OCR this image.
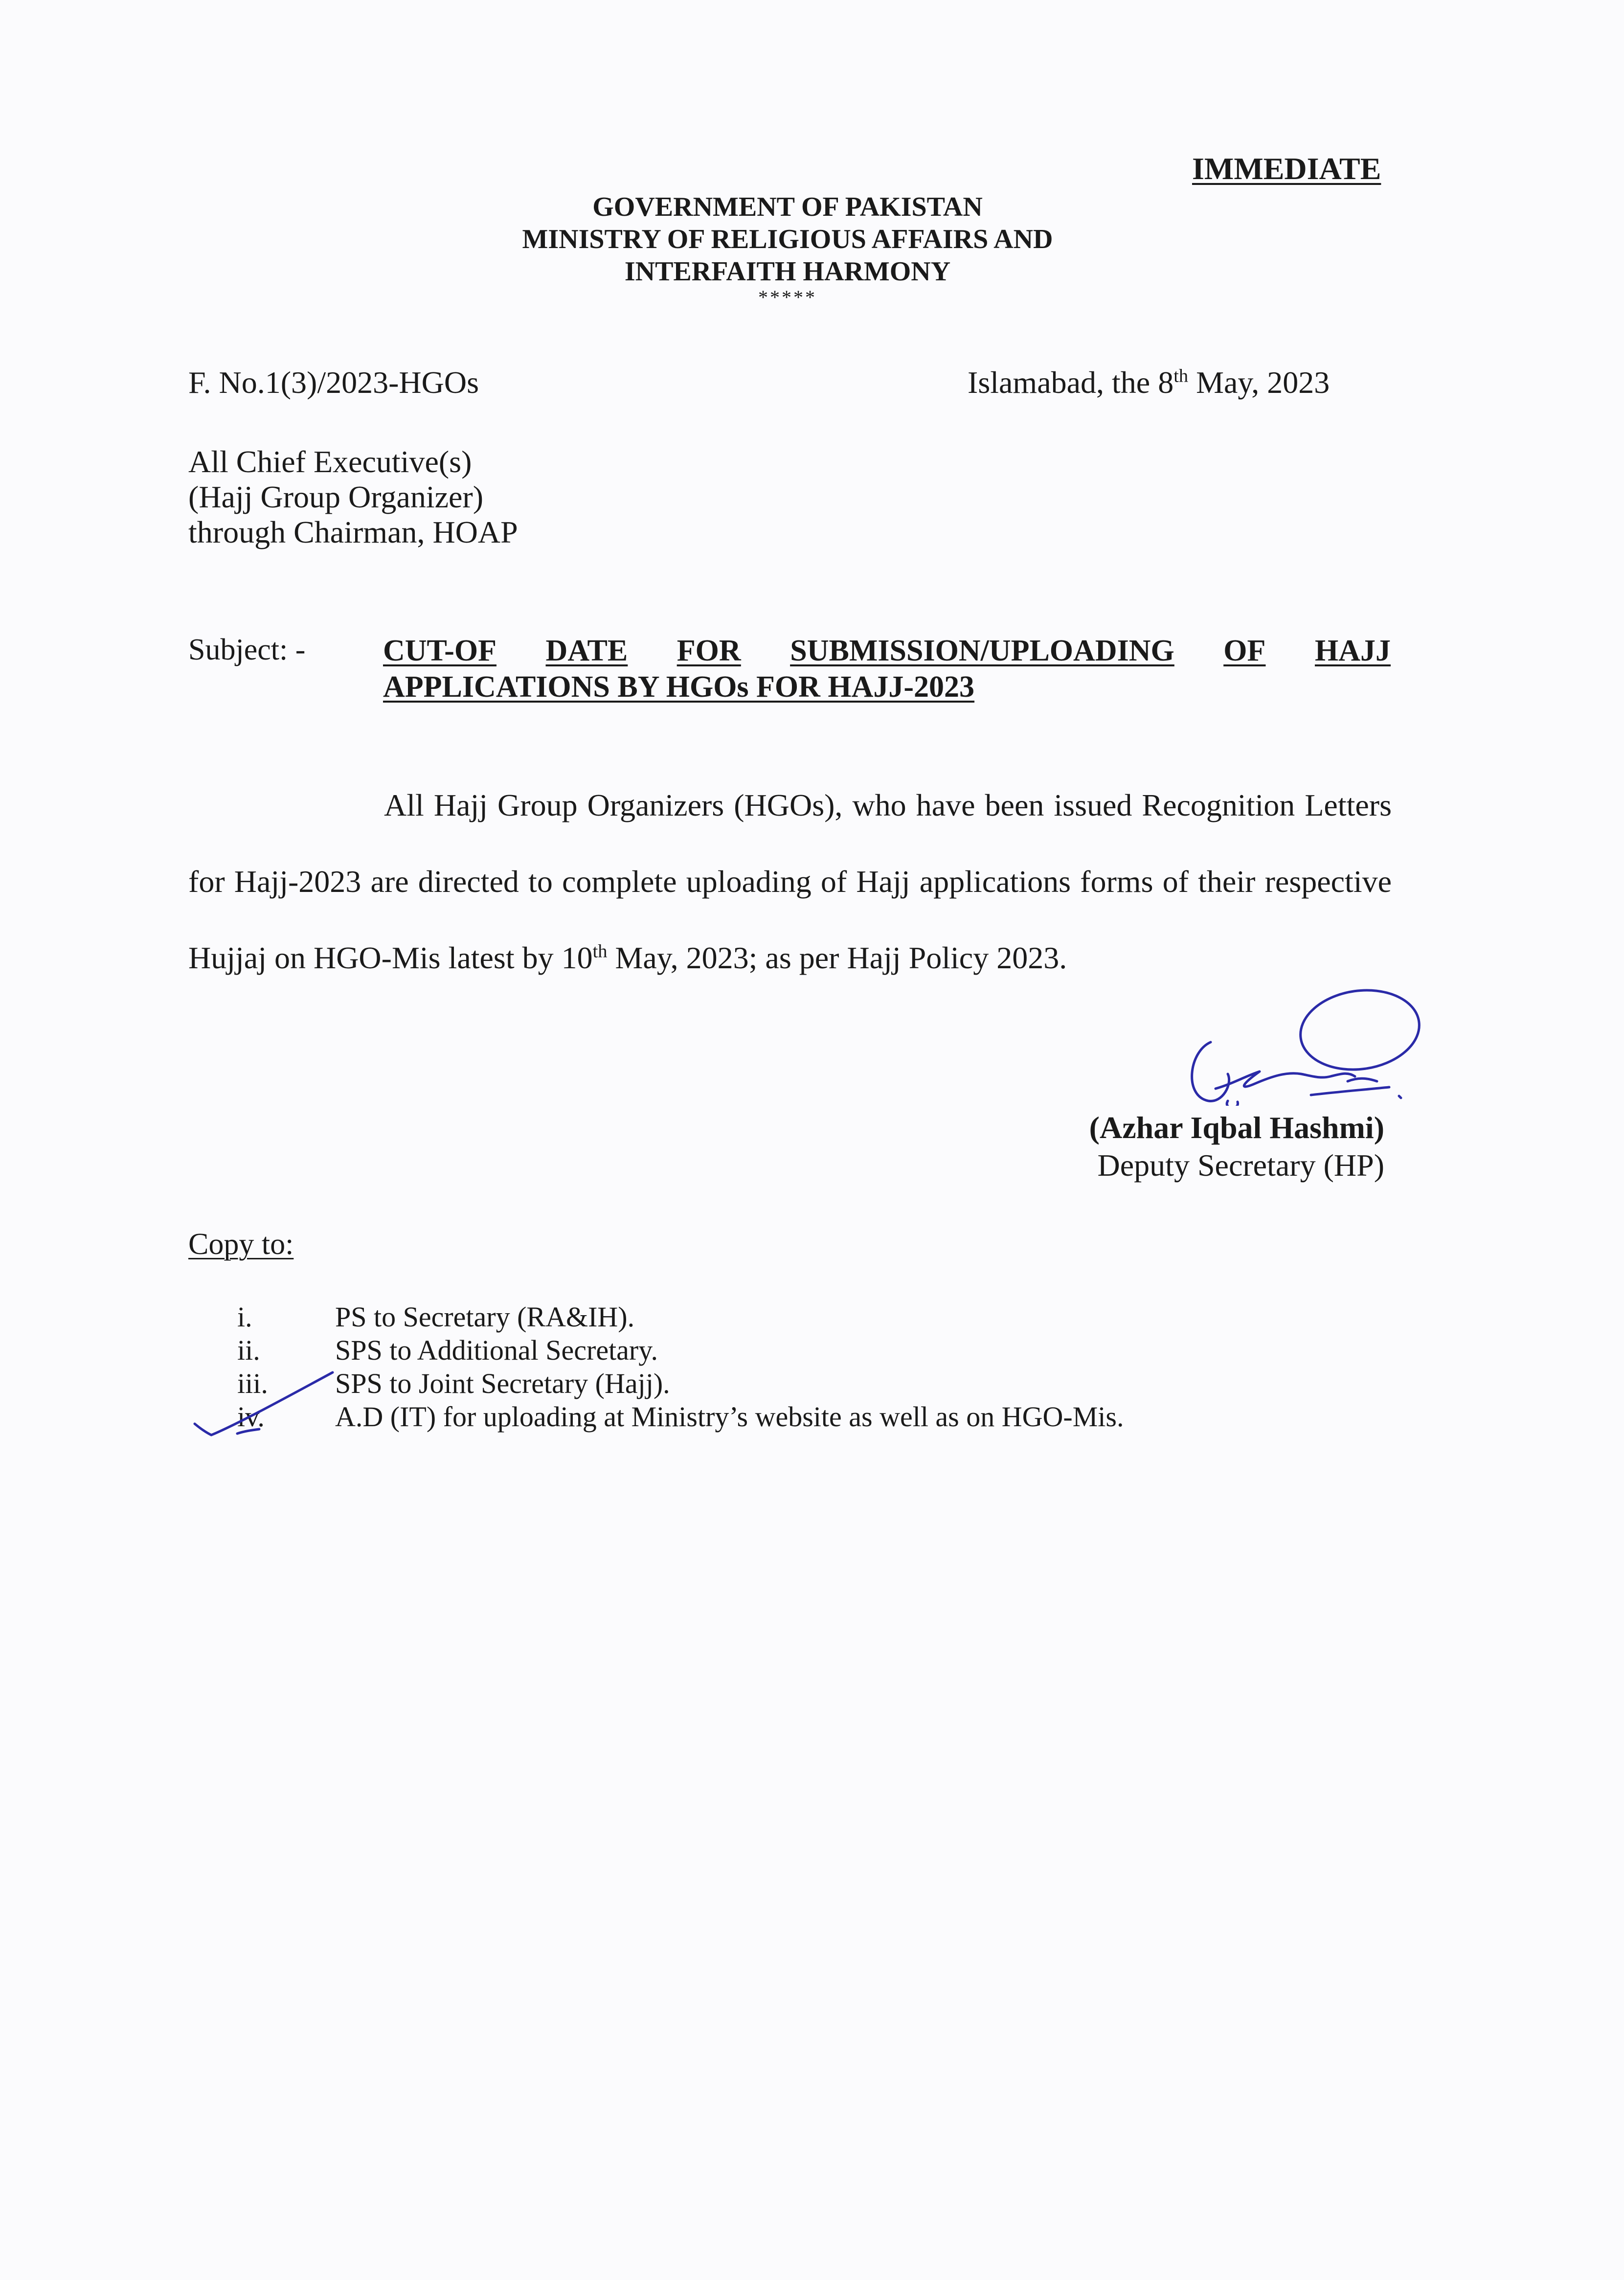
IMMEDIATE
GOVERNMENT OF PAKISTAN
MINISTRY OF RELIGIOUS AFFAIRS AND
INTERFAITH HARMONY
*****
F. No.1(3)/2023-HGOs	Islamabad, the 8th May, 2023
All Chief Executive(s)
(Hajj Group Organizer)
through Chairman, HOAP
Subject: -	CUT-OF DATE FOR SUBMISSION/UPLOADING OF HAJJ
APPLICATIONS BY HGOs FOR HAJJ-2023
All Hajj Group Organizers (HGOs), who have been issued Recognition Letters for Hajj-2023 are directed to complete uploading of Hajj applications forms of their respective Hujjaj on HGO-Mis latest by 10th May, 2023; as per Hajj Policy 2023.
(Azhar Iqbal Hashmi)
Deputy Secretary (HP)
Copy to:
i.	PS to Secretary (RA&IH).
ii.	SPS to Additional Secretary.
iii.	SPS to Joint Secretary (Hajj).
iv.	A.D (IT) for uploading at Ministry’s website as well as on HGO-Mis.
